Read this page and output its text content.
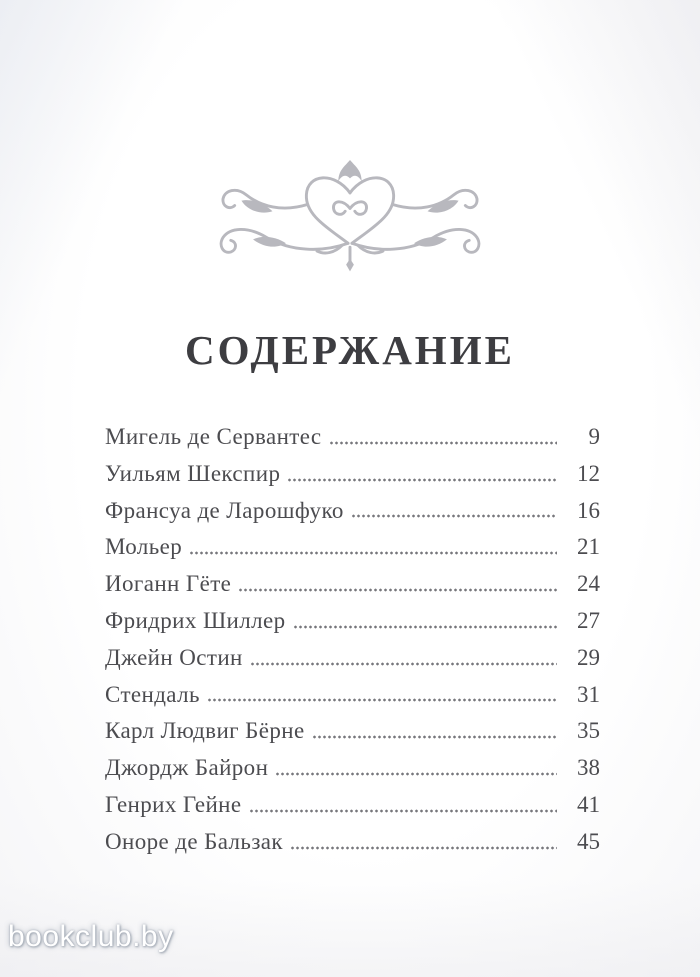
СОДЕРЖАНИЕ
Мигель де Сервантес	9
Уильям Шекспир	12
Франсуа де Ларошфуко	16
Мольер	21
Иоганн Гёте	24
Фридрих Шиллер	27
Джейн Остин	29
Стендаль	31
Карл Людвиг Бёрне	35
Джордж Байрон	38
Генрих Гейне	41
Оноре де Бальзак	45
bookclub.by
